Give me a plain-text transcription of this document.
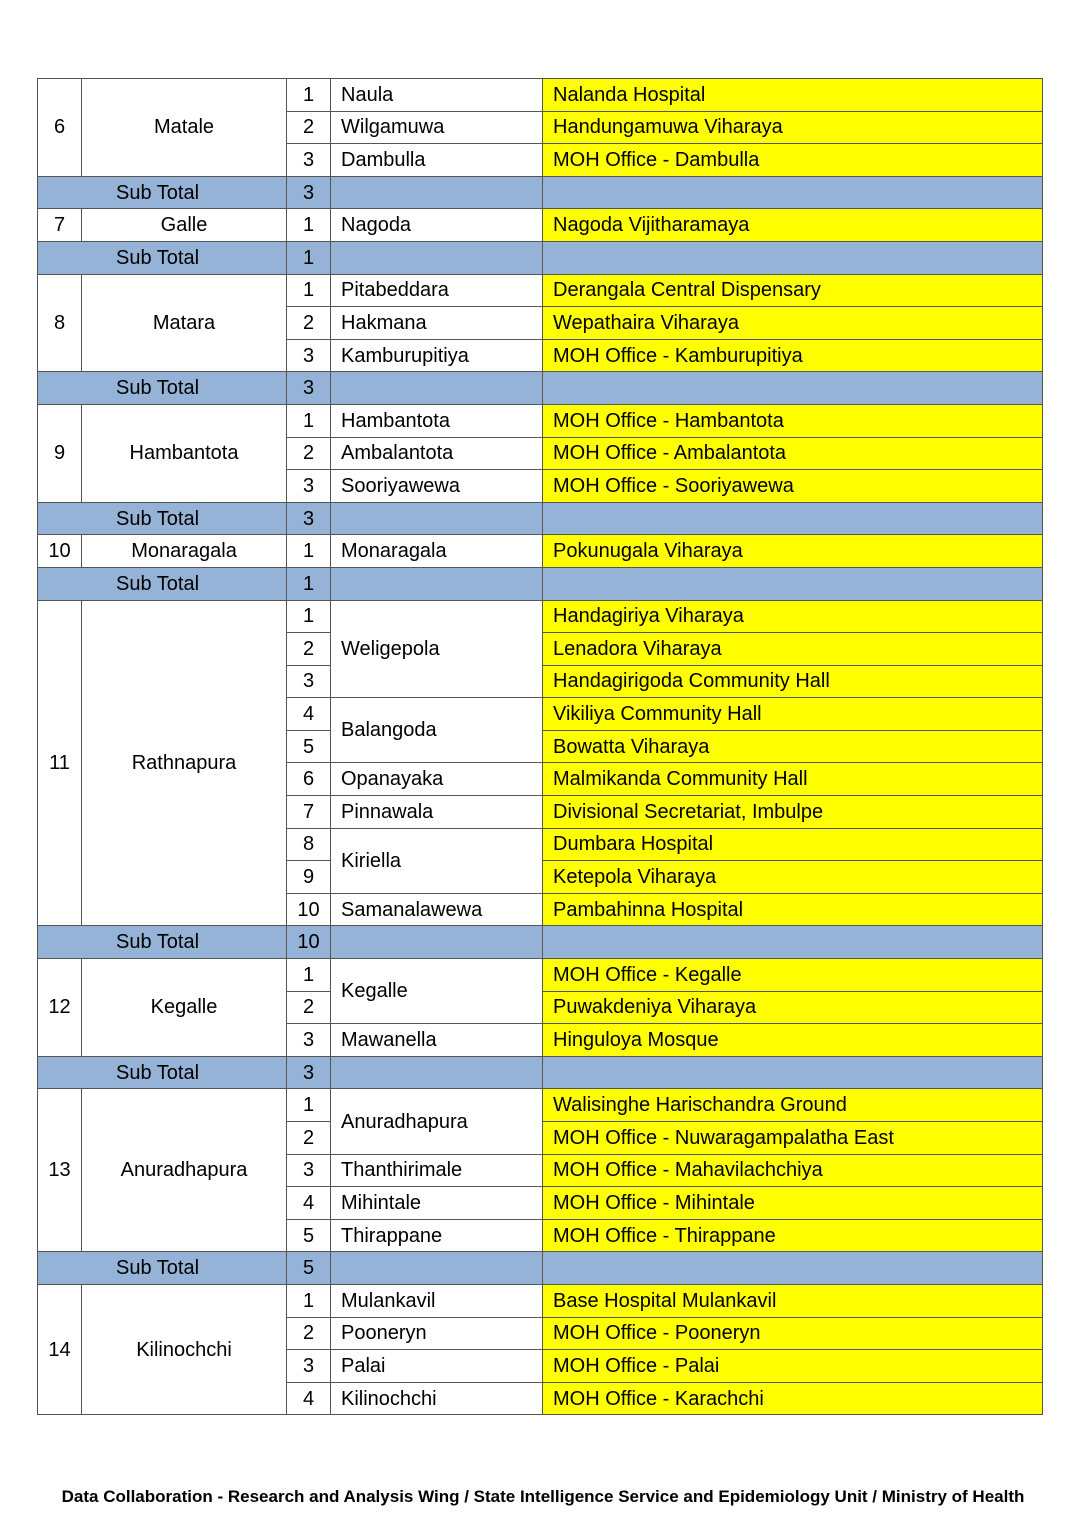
6	Matale	1	Naula	Nalanda Hospital
		2	Wilgamuwa	Handungamuwa Viharaya
		3	Dambulla	MOH Office - Dambulla
Sub Total		3		
7	Galle	1	Nagoda	Nagoda Vijitharamaya
Sub Total		1		
8	Matara	1	Pitabeddara	Derangala Central Dispensary
		2	Hakmana	Wepathaira Viharaya
		3	Kamburupitiya	MOH Office - Kamburupitiya
Sub Total		3		
9	Hambantota	1	Hambantota	MOH Office - Hambantota
		2	Ambalantota	MOH Office - Ambalantota
		3	Sooriyawewa	MOH Office - Sooriyawewa
Sub Total		3		
10	Monaragala	1	Monaragala	Pokunugala Viharaya
Sub Total		1		
11	Rathnapura	1	Weligepola	Handagiriya Viharaya
		2		Lenadora Viharaya
		3		Handagirigoda Community Hall
		4	Balangoda	Vikiliya Community Hall
		5		Bowatta Viharaya
		6	Opanayaka	Malmikanda Community Hall
		7	Pinnawala	Divisional Secretariat, Imbulpe
		8	Kiriella	Dumbara Hospital
		9		Ketepola Viharaya
		10	Samanalawewa	Pambahinna Hospital
Sub Total		10		
12	Kegalle	1	Kegalle	MOH Office - Kegalle
		2		Puwakdeniya Viharaya
		3	Mawanella	Hinguloya Mosque
Sub Total		3		
13	Anuradhapura	1	Anuradhapura	Walisinghe Harischandra Ground
		2		MOH Office - Nuwaragampalatha East
		3	Thanthirimale	MOH Office - Mahavilachchiya
		4	Mihintale	MOH Office - Mihintale
		5	Thirappane	MOH Office - Thirappane
Sub Total		5		
14	Kilinochchi	1	Mulankavil	Base Hospital Mulankavil
		2	Pooneryn	MOH Office - Pooneryn
		3	Palai	MOH Office - Palai
		4	Kilinochchi	MOH Office - Karachchi
Data Collaboration - Research and Analysis Wing / State Intelligence Service and Epidemiology Unit / Ministry of Health
